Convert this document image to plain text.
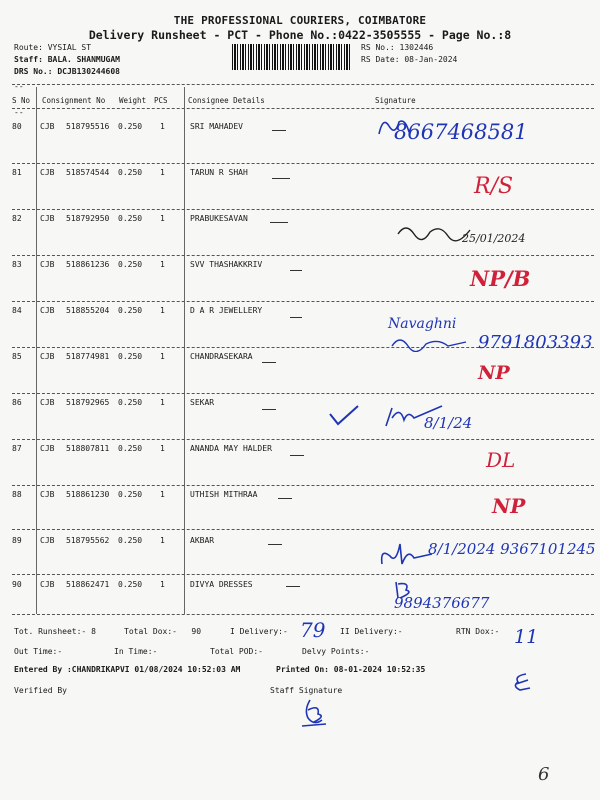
THE PROFESSIONAL COURIERS, COIMBATORE
Delivery Runsheet - PCT - Phone No.:0422-3505555 - Page No.:8
Route: VYSIAL ST
Staff: BALA. SHANMUGAM
DRS No.: DCJB130244608
RS No.: 1302446
RS Date: 08-Jan-2024
--
S No Consignment No Weight PCS	Consignee Details	Signature
--
80 CJB 518795516 0.250 1	SRI MAHADEV
81 CJB 518574544 0.250 1	TARUN R SHAH
82 CJB 518792950 0.250 1	PRABUKESAVAN
83 CJB 518861236 0.250 1	SVV THASHAKKRIV
84 CJB 518855204 0.250 1	D A R JEWELLERY
85 CJB 518774981 0.250 1	CHANDRASEKARA
86 CJB 518792965 0.250 1	SEKAR
87 CJB 518807811 0.250 1	ANANDA MAY HALDER
88 CJB 518861230 0.250 1	UTHISH MITHRAA
89 CJB 518795562 0.250 1	AKBAR
90 CJB 518862471 0.250 1	DIVYA DRESSES
8667468581
R/S
25/01/2024
NP/B
Navaghni
9791803393
NP
8/1/24
DL
NP
8/1/2024 9367101245
9894376677
Tot. Runsheet:- 8	Total Dox:-   90	I Delivery:- 79 II Delivery:-	RTN Dox:- 11
Out Time:-	In Time:-	Total POD:-	Delvy Points:-
Entered By :CHANDRIKAPVI 01/08/2024 10:52:03 AM	Printed On: 08-01-2024 10:52:35
Verified By	Staff Signature
6
